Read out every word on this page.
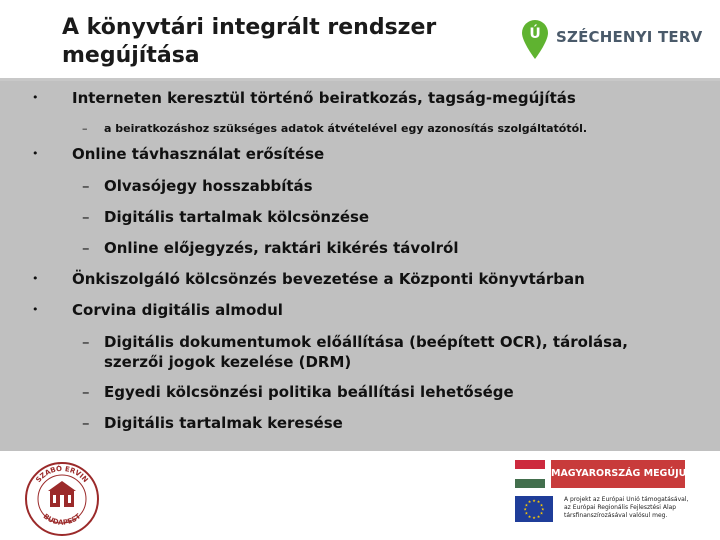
A könyvtári integrált rendszer
megújítása
Ú SZÉCHENYI TERV
• Interneten keresztül történő beiratkozás, tagság-megújítás
– a beiratkozáshoz szükséges adatok átvételével egy azonosítás szolgáltatótól.
• Online távhasználat erősítése
– Olvasójegy hosszabbítás
– Digitális tartalmak kölcsönzése
– Online előjegyzés, raktári kikérés távolról
• Önkiszolgáló kölcsönzés bevezetése a Központi könyvtárban
• Corvina digitális almodul
– Digitális dokumentumok előállítása (beépített OCR), tárolása,
szerzői jogok kezelése (DRM)
– Egyedi kölcsönzési politika beállítási lehetősége
– Digitális tartalmak keresése
SZABÓ ERVIN
BUDAPEST
MAGYARORSZÁG MEGÚJUL
★ ★
★
★
★
★
★
★
★
★
★
★	A projekt az Európai Unió támogatásával,
az Európai Regionális Fejlesztési Alap
társfinanszírozásával valósul meg.
